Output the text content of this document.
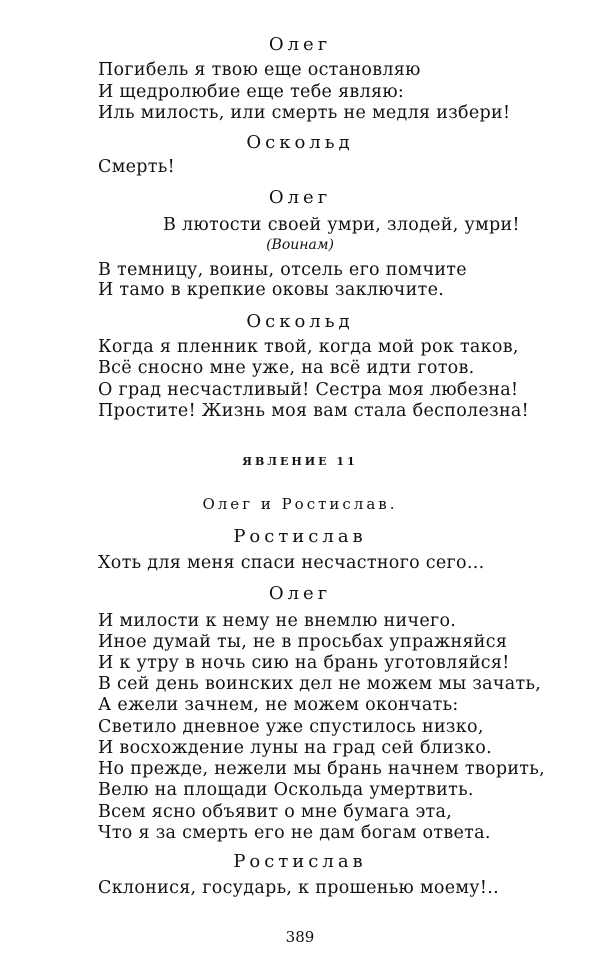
Олег
Погибель я твою еще остановляю
И щедролюбие еще тебе являю:
Иль милость, или смерть не медля избери!
Оскольд
Смерть!
Олег
В лютости своей умри, злодей, умри!
(Воинам)
В темницу, воины, отсель его помчите
И тамо в крепкие оковы заключите.
Оскольд
Когда я пленник твой, когда мой рок таков,
Всё сносно мне уже, на всё идти готов.
О град несчастливый! Сестра моя любезна!
Простите! Жизнь моя вам стала бесполезна!
ЯВЛЕНИЕ 11
Олег и Ростислав.
Ростислав
Хоть для меня спаси несчастного сего...
Олег
И милости к нему не внемлю ничего.
Иное думай ты, не в просьбах упражняйся
И к утру в ночь сию на брань уготовляйся!
В сей день воинских дел не можем мы зачать,
А ежели зачнем, не можем окончать:
Светило дневное уже спустилось низко,
И восхождение луны на град сей близко.
Но прежде, нежели мы брань начнем творить,
Велю на площади Оскольда умертвить.
Всем ясно объявит о мне бумага эта,
Что я за смерть его не дам богам ответа.
Ростислав
Склонися, государь, к прошенью моему!..
389
